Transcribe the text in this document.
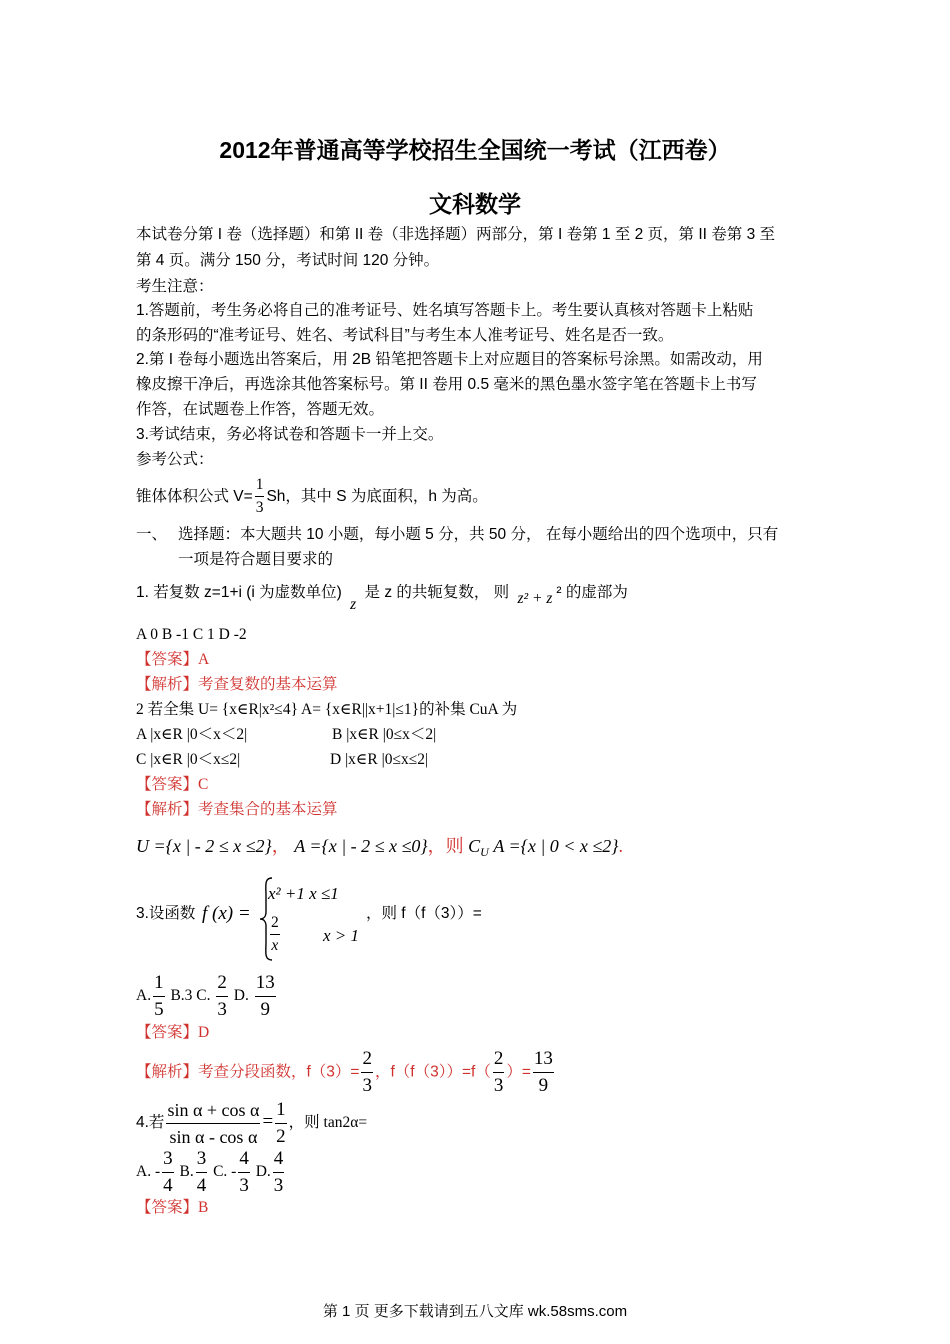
2012年普通高等学校招生全国统一考试（江西卷）
文科数学
本试卷分第 I 卷（选择题）和第 II 卷（非选择题）两部分，第 I 卷第 1 至 2 页，第 II 卷第 3 至
第 4 页。满分 150 分，考试时间 120 分钟。
考生注意：
1.答题前，考生务必将自己的准考证号、姓名填写答题卡上。考生要认真核对答题卡上粘贴
的条形码的“准考证号、姓名、考试科目”与考生本人准考证号、姓名是否一致。
2.第 I 卷每小题选出答案后，用 2B 铅笔把答题卡上对应题目的答案标号涂黑。如需改动，用
橡皮擦干净后，再选涂其他答案标号。第 II 卷用 0.5 毫米的黑色墨水签字笔在答题卡上书写
作答，在试题卷上作答，答题无效。
3.考试结束，务必将试卷和答题卡一并上交。
参考公式：
锥体体积公式 $V= \frac{1}{3}$ Sh，其中 S 为底面积，h 为高。
一、 选择题：本大题共 10 小题，每小题 5 分，共 50 分， 在每小题给出的四个选项中，只有
一项是符合题目要求的
1. 若复数 z=1+i (i 为虚数单位) z 是 z 的共轭复数， 则 z² + z ² 的虚部为
A 0 B -1 C 1 D -2
【答案】A
【解析】考查复数的基本运算
2 若全集 U= {x∈R|x²≤4} A= {x∈R||x+1|≤1}的补集 CuA 为
A |x∈R |0＜x＜2|	B |x∈R |0≤x＜2|
C |x∈R |0＜x≤2|	D |x∈R |0≤x≤2|
【答案】C
【解析】考查集合的基本运算
U ={x | - 2 ≤ x ≤2}， A ={x | - 2 ≤ x ≤0}，则 $C_U$ A ={x | 0 < x ≤2}.
3.设函数 f (x) =
x² +1 x ≤1
$\frac{2}{x}$	x > 1
，则 f（f（3））=
A. $\frac{1}{5} B.3$ C. $\frac{2}{3} D$. $\frac{13}{9}$
【答案】D
【解析】考查分段函数，$f(3)= \frac{2}{3}$ ，$f(f(3))=f( \frac{2}{3}$ ）= $\frac{13}{9}$
4.若 $\frac{\text{sin α + cos α}}{\text{sin α - cos α}} = \frac{1}{2}$ ，则 tan2α=
A. - $\frac{3}{4} B$. $\frac{3}{4} C$. - $\frac{4}{3} D$. $\frac{4}{3}$
【答案】B
第 1 页 更多下载请到五八文库 wk.58sms.com
